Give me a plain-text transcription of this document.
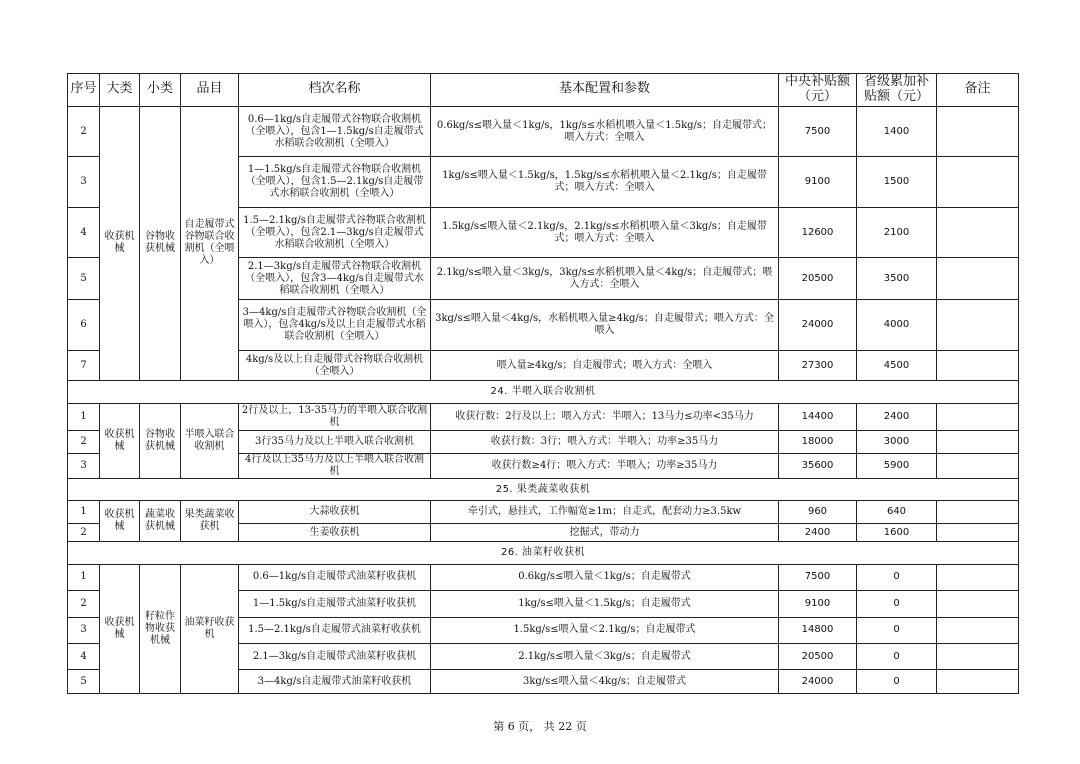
序号	大类	小类	品目	档次名称	基本配置和参数	中央补贴额（元）	省级累加补贴额（元）	备注
2	收获机械	谷物收获机械	自走履带式谷物联合收割机（全喂入）	0.6—1kg/s自走履带式谷物联合收割机（全喂入），包含1—1.5kg/s自走履带式水稻联合收割机（全喂入）	0.6kg/s≤喂入量＜1kg/s，1kg/s≤水稻机喂入量＜1.5kg/s；自走履带式；喂入方式：全喂入	7500	1400	
3				1—1.5kg/s自走履带式谷物联合收割机（全喂入），包含1.5—2.1kg/s自走履带式水稻联合收割机（全喂入）	1kg/s≤喂入量＜1.5kg/s，1.5kg/s≤水稻机喂入量＜2.1kg/s；自走履带式；喂入方式：全喂入	9100	1500	
4				1.5—2.1kg/s自走履带式谷物联合收割机（全喂入），包含2.1—3kg/s自走履带式水稻联合收割机（全喂入）	1.5kg/s≤喂入量＜2.1kg/s，2.1kg/s≤水稻机喂入量＜3kg/s；自走履带式；喂入方式：全喂入	12600	2100	
5				2.1—3kg/s自走履带式谷物联合收割机（全喂入），包含3—4kg/s自走履带式水稻联合收割机（全喂入）	2.1kg/s≤喂入量＜3kg/s，3kg/s≤水稻机喂入量＜4kg/s；自走履带式；喂入方式：全喂入	20500	3500	
6				3—4kg/s自走履带式谷物联合收割机（全喂入），包含4kg/s及以上自走履带式水稻联合收割机（全喂入）	3kg/s≤喂入量＜4kg/s，水稻机喂入量≥4kg/s；自走履带式；喂入方式：全喂入	24000	4000	
7				4kg/s及以上自走履带式谷物联合收割机（全喂入）	喂入量≥4kg/s；自走履带式；喂入方式：全喂入	27300	4500	
24. 半喂入联合收割机								
1	收获机械	谷物收获机械	半喂入联合收割机	2行及以上，13-35马力的半喂入联合收割机	收获行数：2行及以上；喂入方式：半喂入；13马力≤功率<35马力	14400	2400	
2				3行35马力及以上半喂入联合收割机	收获行数：3行；喂入方式：半喂入；功率≥35马力	18000	3000	
3				4行及以上35马力及以上半喂入联合收割机	收获行数≥4行；喂入方式：半喂入；功率≥35马力	35600	5900	
25. 果类蔬菜收获机								
1	收获机械	蔬菜收获机械	果类蔬菜收获机	大蒜收获机	牵引式，悬挂式，工作幅宽≥1m；自走式，配套动力≥3.5kw	960	640	
2				生姜收获机	挖掘式，带动力	2400	1600	
26. 油菜籽收获机								
1	收获机械	籽粒作物收获机械	油菜籽收获机	0.6—1kg/s自走履带式油菜籽收获机	0.6kg/s≤喂入量＜1kg/s；自走履带式	7500	0	
2				1—1.5kg/s自走履带式油菜籽收获机	1kg/s≤喂入量＜1.5kg/s；自走履带式	9100	0	
3				1.5—2.1kg/s自走履带式油菜籽收获机	1.5kg/s≤喂入量＜2.1kg/s；自走履带式	14800	0	
4				2.1—3kg/s自走履带式油菜籽收获机	2.1kg/s≤喂入量＜3kg/s；自走履带式	20500	0	
5				3—4kg/s自走履带式油菜籽收获机	3kg/s≤喂入量＜4kg/s；自走履带式	24000	0	
第 6 页， 共 22 页
